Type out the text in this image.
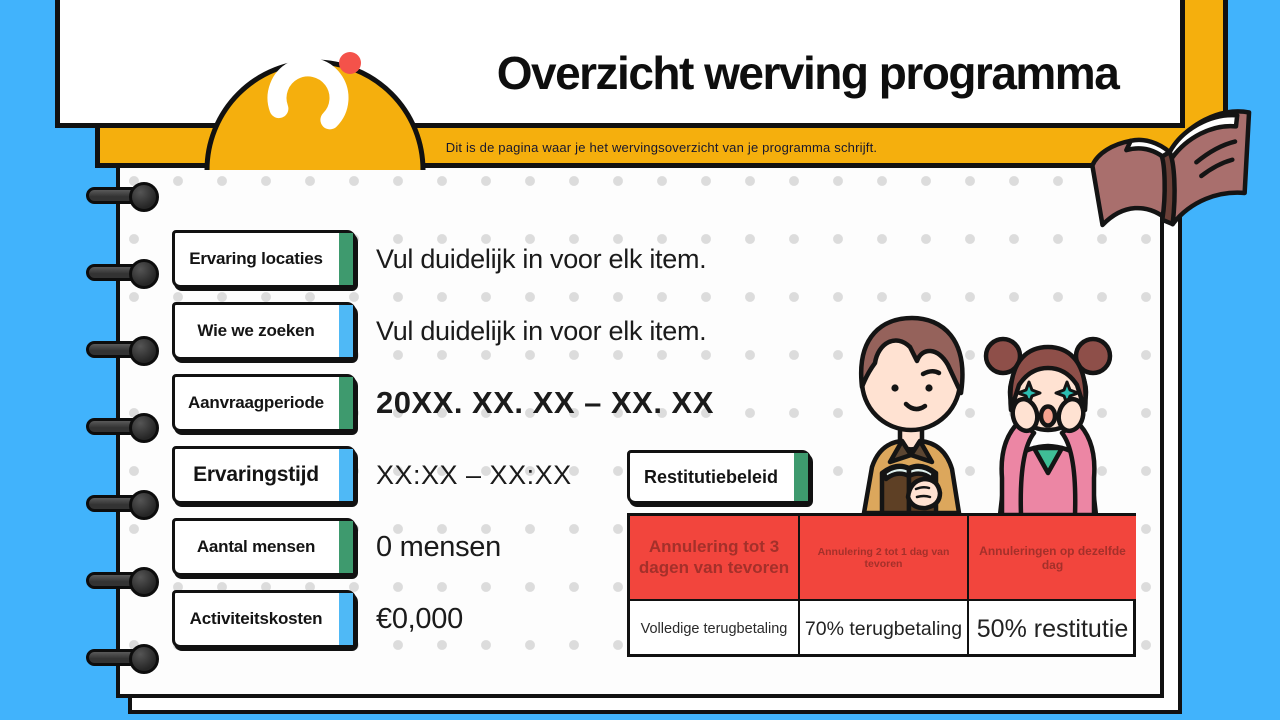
Overzicht werving programma
Dit is de pagina waar je het wervingsoverzicht van je programma schrijft.
Ervaring locaties
Wie we zoeken
Aanvraagperiode
Ervaringstijd
Aantal mensen
Activiteitskosten
Vul duidelijk in voor elk item.
Vul duidelijk in voor elk item.
20XX. XX. XX – XX. XX
XX:XX – XX:XX
0 mensen
€0,000
Restitutiebeleid
Annulering tot 3 dagen van tevoren
Annulering 2 tot 1 dag van tevoren
Annuleringen op dezelfde dag
Volledige terugbetaling 70% terugbetaling 50% restitutie
